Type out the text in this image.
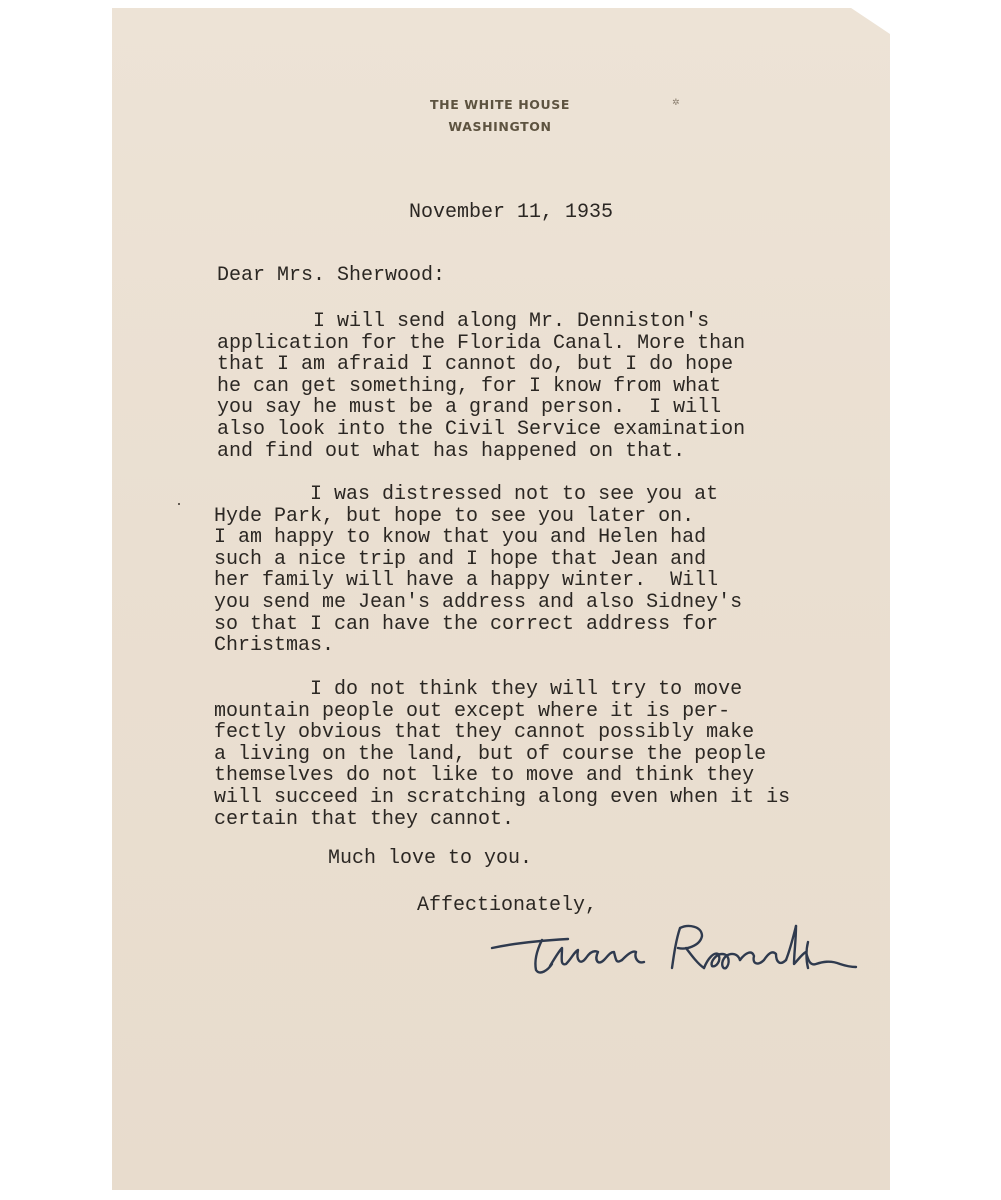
THE WHITE HOUSE
WASHINGTON
✲

November 11, 1935

Dear Mrs. Sherwood:

I will send along Mr. Denniston's
application for the Florida Canal. More than
that I am afraid I cannot do, but I do hope
he can get something, for I know from what
you say he must be a grand person.  I will
also look into the Civil Service examination
and find out what has happened on that.

I was distressed not to see you at
Hyde Park, but hope to see you later on.
I am happy to know that you and Helen had
such a nice trip and I hope that Jean and
her family will have a happy winter.  Will
you send me Jean's address and also Sidney's
so that I can have the correct address for
Christmas.

I do not think they will try to move
mountain people out except where it is per-
fectly obvious that they cannot possibly make
a living on the land, but of course the people
themselves do not like to move and think they
will succeed in scratching along even when it is
certain that they cannot.

Much love to you.

Affectionately,
